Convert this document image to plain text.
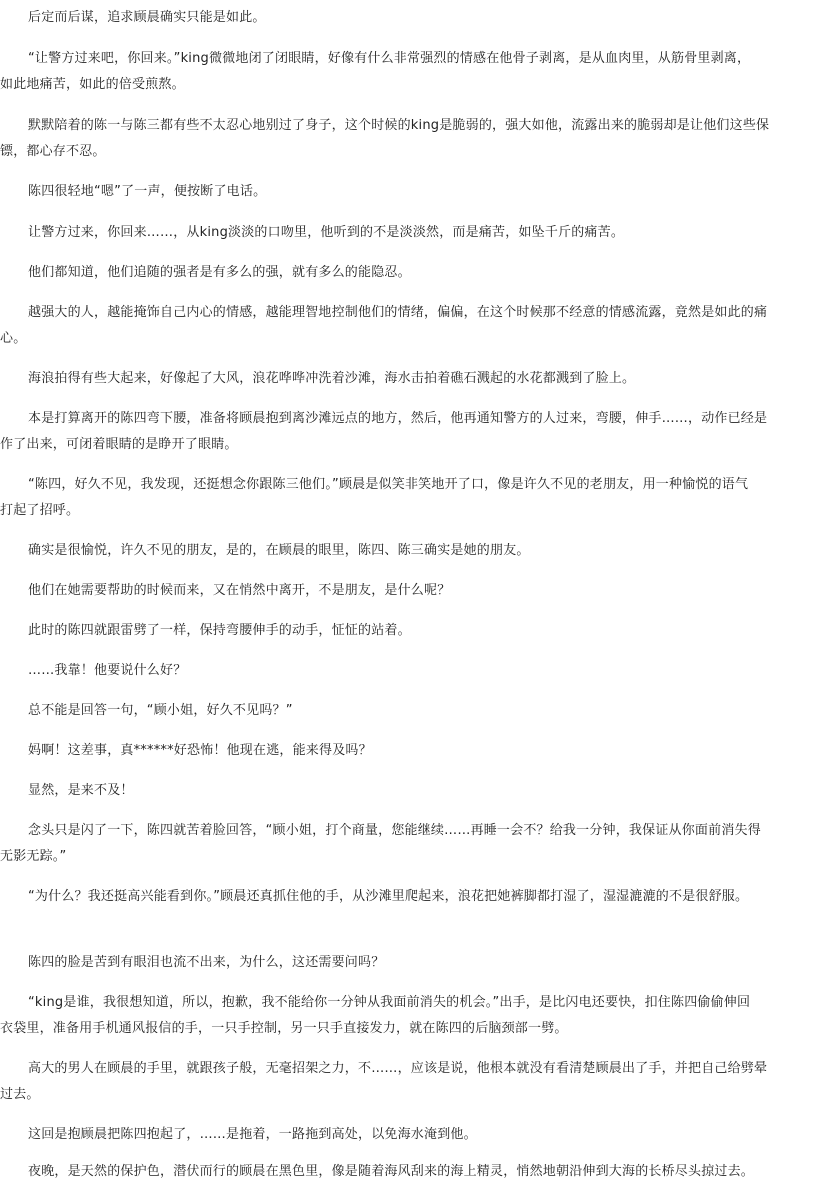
后定而后谋，追求顾晨确实只能是如此。
“让警方过来吧，你回来。”king微微地闭了闭眼睛，好像有什么非常强烈的情感在他骨子剥离，是从血肉里，从筋骨里剥离，
如此地痛苦，如此的倍受煎熬。
默默陪着的陈一与陈三都有些不太忍心地别过了身子，这个时候的king是脆弱的，强大如他，流露出来的脆弱却是让他们这些保
镖，都心存不忍。
陈四很轻地“嗯”了一声，便按断了电话。
让警方过来，你回来……，从king淡淡的口吻里，他听到的不是淡淡然，而是痛苦，如坠千斤的痛苦。
他们都知道，他们追随的强者是有多么的强，就有多么的能隐忍。
越强大的人，越能掩饰自己内心的情感，越能理智地控制他们的情绪，偏偏，在这个时候那不经意的情感流露，竟然是如此的痛
心。
海浪拍得有些大起来，好像起了大风，浪花哗哗冲洗着沙滩，海水击拍着礁石溅起的水花都溅到了脸上。
本是打算离开的陈四弯下腰，准备将顾晨抱到离沙滩远点的地方，然后，他再通知警方的人过来，弯腰，伸手……，动作已经是
作了出来，可闭着眼睛的是睁开了眼睛。
“陈四，好久不见，我发现，还挺想念你跟陈三他们。”顾晨是似笑非笑地开了口，像是许久不见的老朋友，用一种愉悦的语气
打起了招呼。
确实是很愉悦，许久不见的朋友，是的，在顾晨的眼里，陈四、陈三确实是她的朋友。
他们在她需要帮助的时候而来，又在悄然中离开，不是朋友，是什么呢？
此时的陈四就跟雷劈了一样，保持弯腰伸手的动手，怔怔的站着。
……我靠！他要说什么好？
总不能是回答一句，“顾小姐，好久不见吗？”
妈啊！这差事，真******好恐怖！他现在逃，能来得及吗？
显然，是来不及！
念头只是闪了一下，陈四就苦着脸回答，“顾小姐，打个商量，您能继续……再睡一会不？给我一分钟，我保证从你面前消失得
无影无踪。”
“为什么？我还挺高兴能看到你。”顾晨还真抓住他的手，从沙滩里爬起来，浪花把她裤脚都打湿了，湿湿漉漉的不是很舒服。
陈四的脸是苦到有眼泪也流不出来，为什么，这还需要问吗？
“king是谁，我很想知道，所以，抱歉，我不能给你一分钟从我面前消失的机会。”出手，是比闪电还要快，扣住陈四偷偷伸回
衣袋里，准备用手机通风报信的手，一只手控制，另一只手直接发力，就在陈四的后脑颈部一劈。
高大的男人在顾晨的手里，就跟孩子般，无毫招架之力，不……，应该是说，他根本就没有看清楚顾晨出了手，并把自己给劈晕
过去。
这回是抱顾晨把陈四抱起了，……是拖着，一路拖到高处，以免海水淹到他。
夜晚，是天然的保护色，潜伏而行的顾晨在黑色里，像是随着海风刮来的海上精灵，悄然地朝沿伸到大海的长桥尽头掠过去。
